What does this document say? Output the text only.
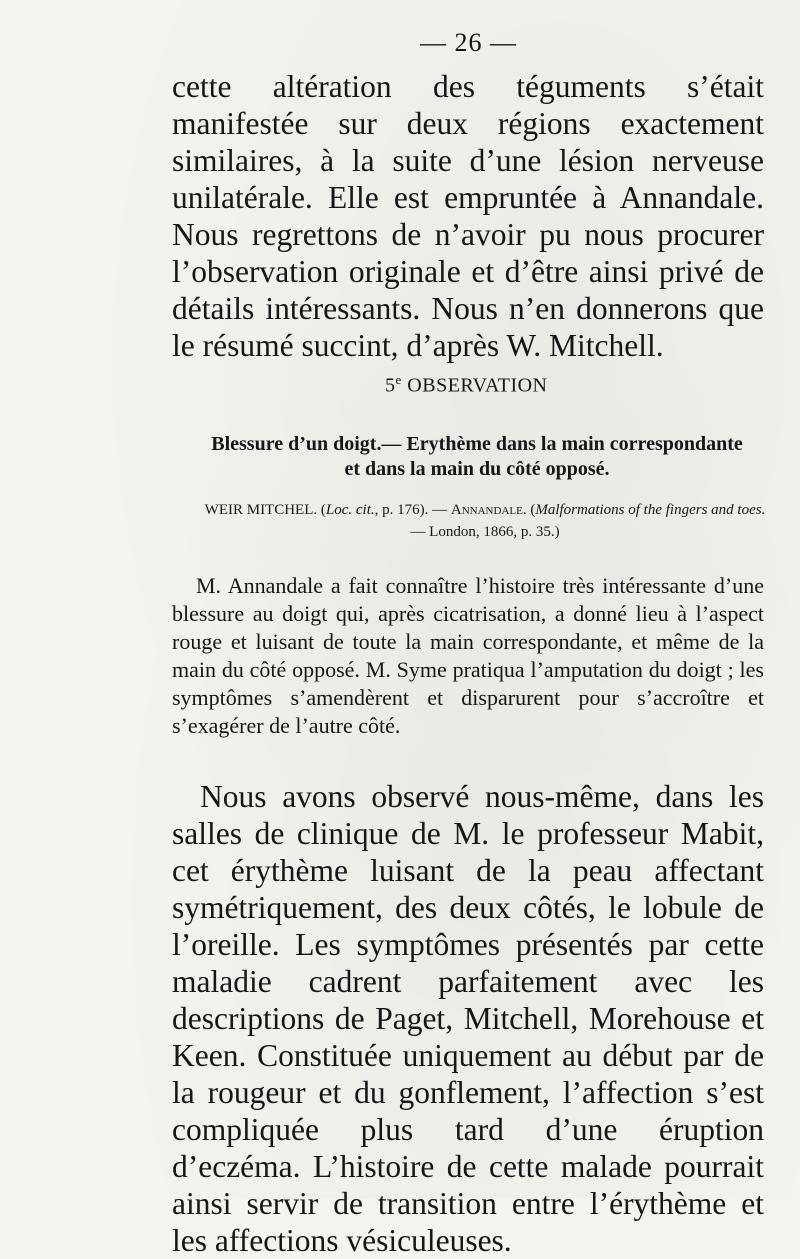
— 26 —

cette altération des téguments s’était manifestée sur deux régions exactement similaires, à la suite d’une lésion nerveuse unilatérale. Elle est empruntée à Annandale. Nous regrettons de n’avoir pu nous procurer l’observation originale et d’être ainsi privé de détails intéressants. Nous n’en donnerons que le résumé succint, d’après W. Mitchell.

5e OBSERVATION

Blessure d’un doigt.— Erythème dans la main correspondante
et dans la main du côté opposé.

WEIR MITCHEL. (Loc. cit., p. 176). — Annandale. (Malformations of the fingers and toes. — London, 1866, p. 35.)

M. Annandale a fait connaître l’histoire très intéressante d’une blessure au doigt qui, après cicatrisation, a donné lieu à l’aspect rouge et luisant de toute la main correspondante, et même de la main du côté opposé. M. Syme pratiqua l’amputation du doigt ; les symptômes s’amendèrent et disparurent pour s’accroître et s’exagérer de l’autre côté.

Nous avons observé nous-même, dans les salles de clinique de M. le professeur Mabit, cet érythème luisant de la peau affectant symétriquement, des deux côtés, le lobule de l’oreille. Les symptômes présentés par cette maladie cadrent parfaitement avec les descriptions de Paget, Mitchell, Morehouse et Keen. Constituée uniquement au début par de la rougeur et du gonflement, l’affection s’est compliquée plus tard d’une éruption d’eczéma. L’histoire de cette malade pourrait ainsi servir de transition entre l’érythème et les affections vésiculeuses.
